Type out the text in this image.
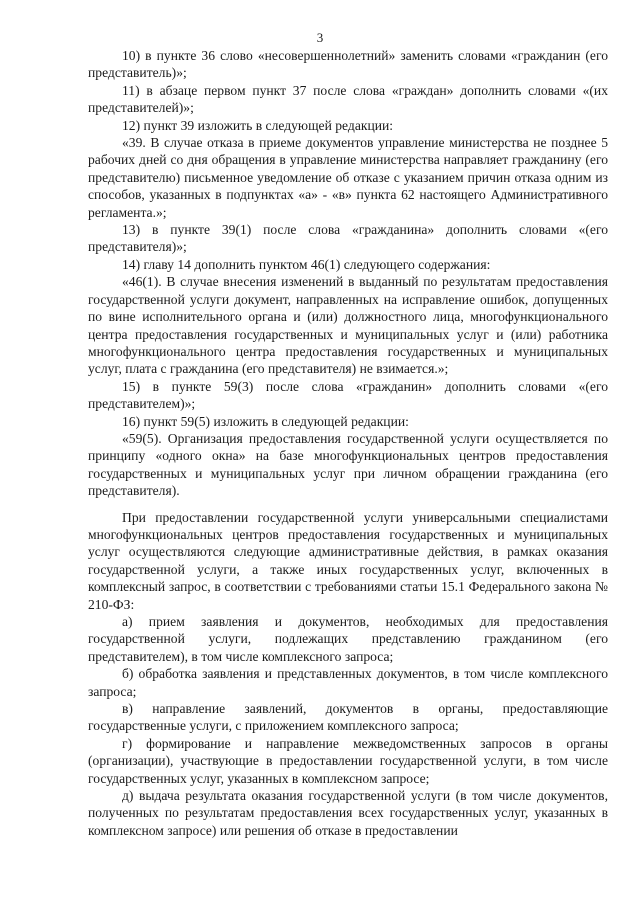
3

10) в пункте 36 слово «несовершеннолетний» заменить словами «гражданин (его представитель)»;

11) в абзаце первом пункт 37 после слова «граждан» дополнить словами «(их представителей)»;

12) пункт 39 изложить в следующей редакции:

«39. В случае отказа в приеме документов управление министерства не позднее 5 рабочих дней со дня обращения в управление министерства направляет гражданину (его представителю) письменное уведомление об отказе с указанием причин отказа одним из способов, указанных в подпунктах «а» - «в» пункта 62 настоящего Административного регламента.»;

13) в пункте 39(1) после слова «гражданина» дополнить словами «(его представителя)»;

14) главу 14 дополнить пунктом 46(1) следующего содержания:

«46(1). В случае внесения изменений в выданный по результатам предоставления государственной услуги документ, направленных на исправление ошибок, допущенных по вине исполнительного органа и (или) должностного лица, многофункционального центра предоставления государственных и муниципальных услуг и (или) работника многофункционального центра предоставления государственных и муниципальных услуг, плата с гражданина (его представителя) не взимается.»;

15) в пункте 59(3) после слова «гражданин» дополнить словами «(его представителем)»;

16) пункт 59(5) изложить в следующей редакции:

«59(5). Организация предоставления государственной услуги осуществляется по принципу «одного окна» на базе многофункциональных центров предоставления государственных и муниципальных услуг при личном обращении гражданина (его представителя).

При предоставлении государственной услуги универсальными специалистами многофункциональных центров предоставления государственных и муниципальных услуг осуществляются следующие административные действия, в рамках оказания государственной услуги, а также иных государственных услуг, включенных в комплексный запрос, в соответствии с требованиями статьи 15.1 Федерального закона № 210-ФЗ:

а) прием заявления и документов, необходимых для предоставления государственной услуги, подлежащих представлению гражданином (его представителем), в том числе комплексного запроса;

б) обработка заявления и представленных документов, в том числе комплексного запроса;

в) направление заявлений, документов в органы, предоставляющие государственные услуги, с приложением комплексного запроса;

г) формирование и направление межведомственных запросов в органы (организации), участвующие в предоставлении государственной услуги, в том числе государственных услуг, указанных в комплексном запросе;

д) выдача результата оказания государственной услуги (в том числе документов, полученных по результатам предоставления всех государственных услуг, указанных в комплексном запросе) или решения об отказе в предоставлении
